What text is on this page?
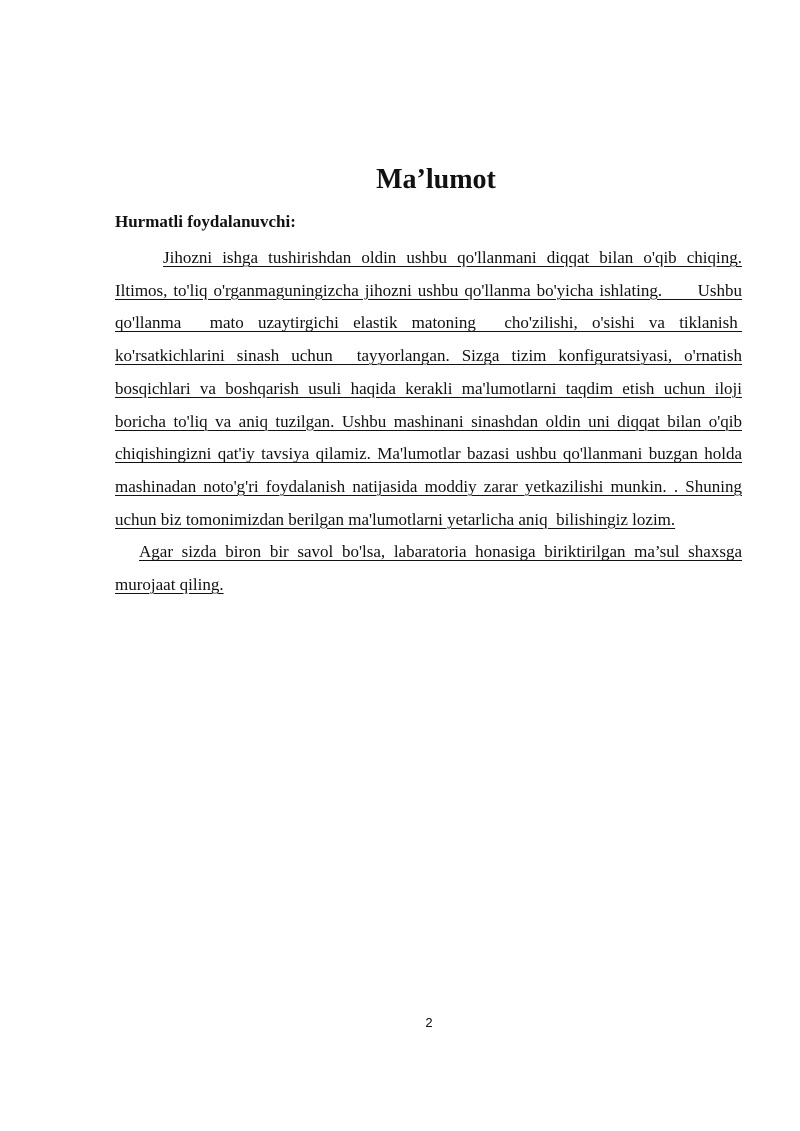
Ma’lumot

Hurmatli foydalanuvchi:

Jihozni ishga tushirishdan oldin ushbu qo'llanmani diqqat bilan o'qib chiqing. Iltimos, to'liq o'rganmaguningizcha jihozni ushbu qo'llanma bo'yicha ishlating.      Ushbu qo'llanma  mato uzaytirgichi elastik matoning  cho'zilishi, o'sishi va tiklanish  ko'rsatkichlarini sinash uchun  tayyorlangan. Sizga tizim konfiguratsiyasi, o'rnatish bosqichlari va boshqarish usuli haqida kerakli ma'lumotlarni taqdim etish uchun iloji boricha to'liq va aniq tuzilgan. Ushbu mashinani sinashdan oldin uni diqqat bilan o'qib chiqishingizni qat'iy tavsiya qilamiz. Ma'lumotlar bazasi ushbu qo'llanmani buzgan holda mashinadan noto'g'ri foydalanish natijasida moddiy zarar yetkazilishi munkin. . Shuning uchun biz tomonimizdan berilgan ma'lumotlarni yetarlicha aniq  bilishingiz lozim.

Agar sizda biron bir savol bo'lsa, labaratoria honasiga biriktirilgan ma’sul shaxsga murojaat qiling.

2
